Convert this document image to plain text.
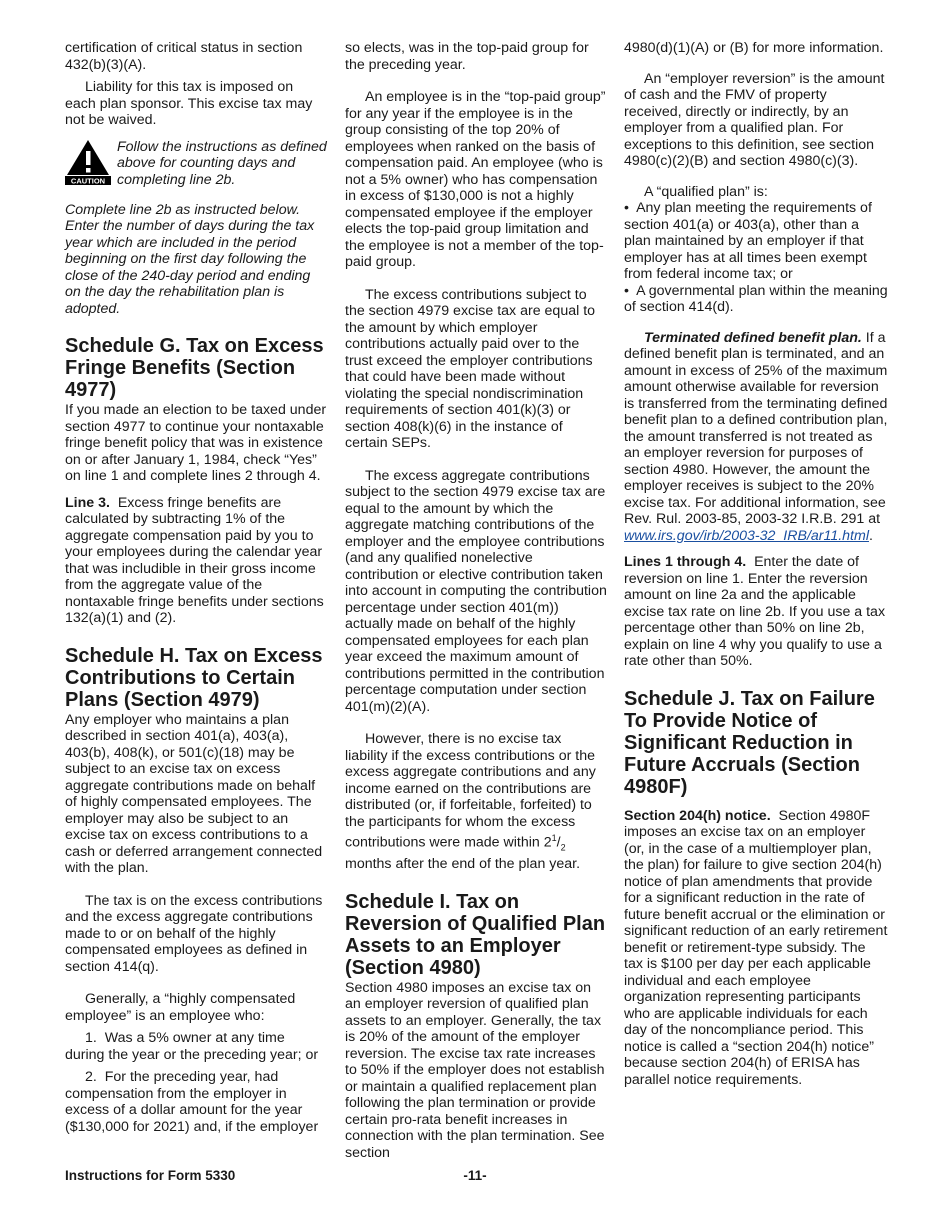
certification of critical status in section 432(b)(3)(A).

Liability for this tax is imposed on each plan sponsor. This excise tax may not be waived.

CAUTION

Follow the instructions as defined above for counting days and completing line 2b.

Complete line 2b as instructed below. Enter the number of days during the tax year which are included in the period beginning on the first day following the close of the 240-day period and ending on the day the rehabilitation plan is adopted.

Schedule G. Tax on Excess Fringe Benefits (Section 4977)

If you made an election to be taxed under section 4977 to continue your nontaxable fringe benefit policy that was in existence on or after January 1, 1984, check “Yes” on line 1 and complete lines 2 through 4.

Line 3. Excess fringe benefits are calculated by subtracting 1% of the aggregate compensation paid by you to your employees during the calendar year that was includible in their gross income from the aggregate value of the nontaxable fringe benefits under sections 132(a)(1) and (2).

Schedule H. Tax on Excess Contributions to Certain Plans (Section 4979)

Any employer who maintains a plan described in section 401(a), 403(a), 403(b), 408(k), or 501(c)(18) may be subject to an excise tax on excess aggregate contributions made on behalf of highly compensated employees. The employer may also be subject to an excise tax on excess contributions to a cash or deferred arrangement connected with the plan.

The tax is on the excess contributions and the excess aggregate contributions made to or on behalf of the highly compensated employees as defined in section 414(q).

Generally, a “highly compensated employee” is an employee who:

1.  Was a 5% owner at any time during the year or the preceding year; or

2.  For the preceding year, had compensation from the employer in excess of a dollar amount for the year ($130,000 for 2021) and, if the employer

so elects, was in the top-paid group for the preceding year.

An employee is in the “top-paid group” for any year if the employee is in the group consisting of the top 20% of employees when ranked on the basis of compensation paid. An employee (who is not a 5% owner) who has compensation in excess of $130,000 is not a highly compensated employee if the employer elects the top-paid group limitation and the employee is not a member of the top-paid group.

The excess contributions subject to the section 4979 excise tax are equal to the amount by which employer contributions actually paid over to the trust exceed the employer contributions that could have been made without violating the special nondiscrimination requirements of section 401(k)(3) or section 408(k)(6) in the instance of certain SEPs.

The excess aggregate contributions subject to the section 4979 excise tax are equal to the amount by which the aggregate matching contributions of the employer and the employee contributions (and any qualified nonelective contribution or elective contribution taken into account in computing the contribution percentage under section 401(m)) actually made on behalf of the highly compensated employees for each plan year exceed the maximum amount of contributions permitted in the contribution percentage computation under section 401(m)(2)(A).

However, there is no excise tax liability if the excess contributions or the excess aggregate contributions and any income earned on the contributions are distributed (or, if forfeitable, forfeited) to the participants for whom the excess contributions were made within $2^1/_2$ months after the end of the plan year.

Schedule I. Tax on Reversion of Qualified Plan Assets to an Employer (Section 4980)

Section 4980 imposes an excise tax on an employer reversion of qualified plan assets to an employer. Generally, the tax is 20% of the amount of the employer reversion. The excise tax rate increases to 50% if the employer does not establish or maintain a qualified replacement plan following the plan termination or provide certain pro-rata benefit increases in connection with the plan termination. See section

4980(d)(1)(A) or (B) for more information.

An “employer reversion” is the amount of cash and the FMV of property received, directly or indirectly, by an employer from a qualified plan. For exceptions to this definition, see section 4980(c)(2)(B) and section 4980(c)(3).

A “qualified plan” is:

•  Any plan meeting the requirements of section 401(a) or 403(a), other than a plan maintained by an employer if that employer has at all times been exempt from federal income tax; or

•  A governmental plan within the meaning of section 414(d).

Terminated defined benefit plan. If a defined benefit plan is terminated, and an amount in excess of 25% of the maximum amount otherwise available for reversion is transferred from the terminating defined benefit plan to a defined contribution plan, the amount transferred is not treated as an employer reversion for purposes of section 4980. However, the amount the employer receives is subject to the 20% excise tax. For additional information, see Rev. Rul. 2003-85, 2003-32 I.R.B. 291 at www.irs.gov/irb/2003-32_IRB/ar11.html.

Lines 1 through 4. Enter the date of reversion on line 1. Enter the reversion amount on line 2a and the applicable excise tax rate on line 2b. If you use a tax percentage other than 50% on line 2b, explain on line 4 why you qualify to use a rate other than 50%.

Schedule J. Tax on Failure To Provide Notice of Significant Reduction in Future Accruals (Section 4980F)

Section 204(h) notice. Section 4980F imposes an excise tax on an employer (or, in the case of a multiemployer plan, the plan) for failure to give section 204(h) notice of plan amendments that provide for a significant reduction in the rate of future benefit accrual or the elimination or significant reduction of an early retirement benefit or retirement-type subsidy. The tax is $100 per day per each applicable individual and each employee organization representing participants who are applicable individuals for each day of the noncompliance period. This notice is called a “section 204(h) notice” because section 204(h) of ERISA has parallel notice requirements.

Instructions for Form 5330	-11-
